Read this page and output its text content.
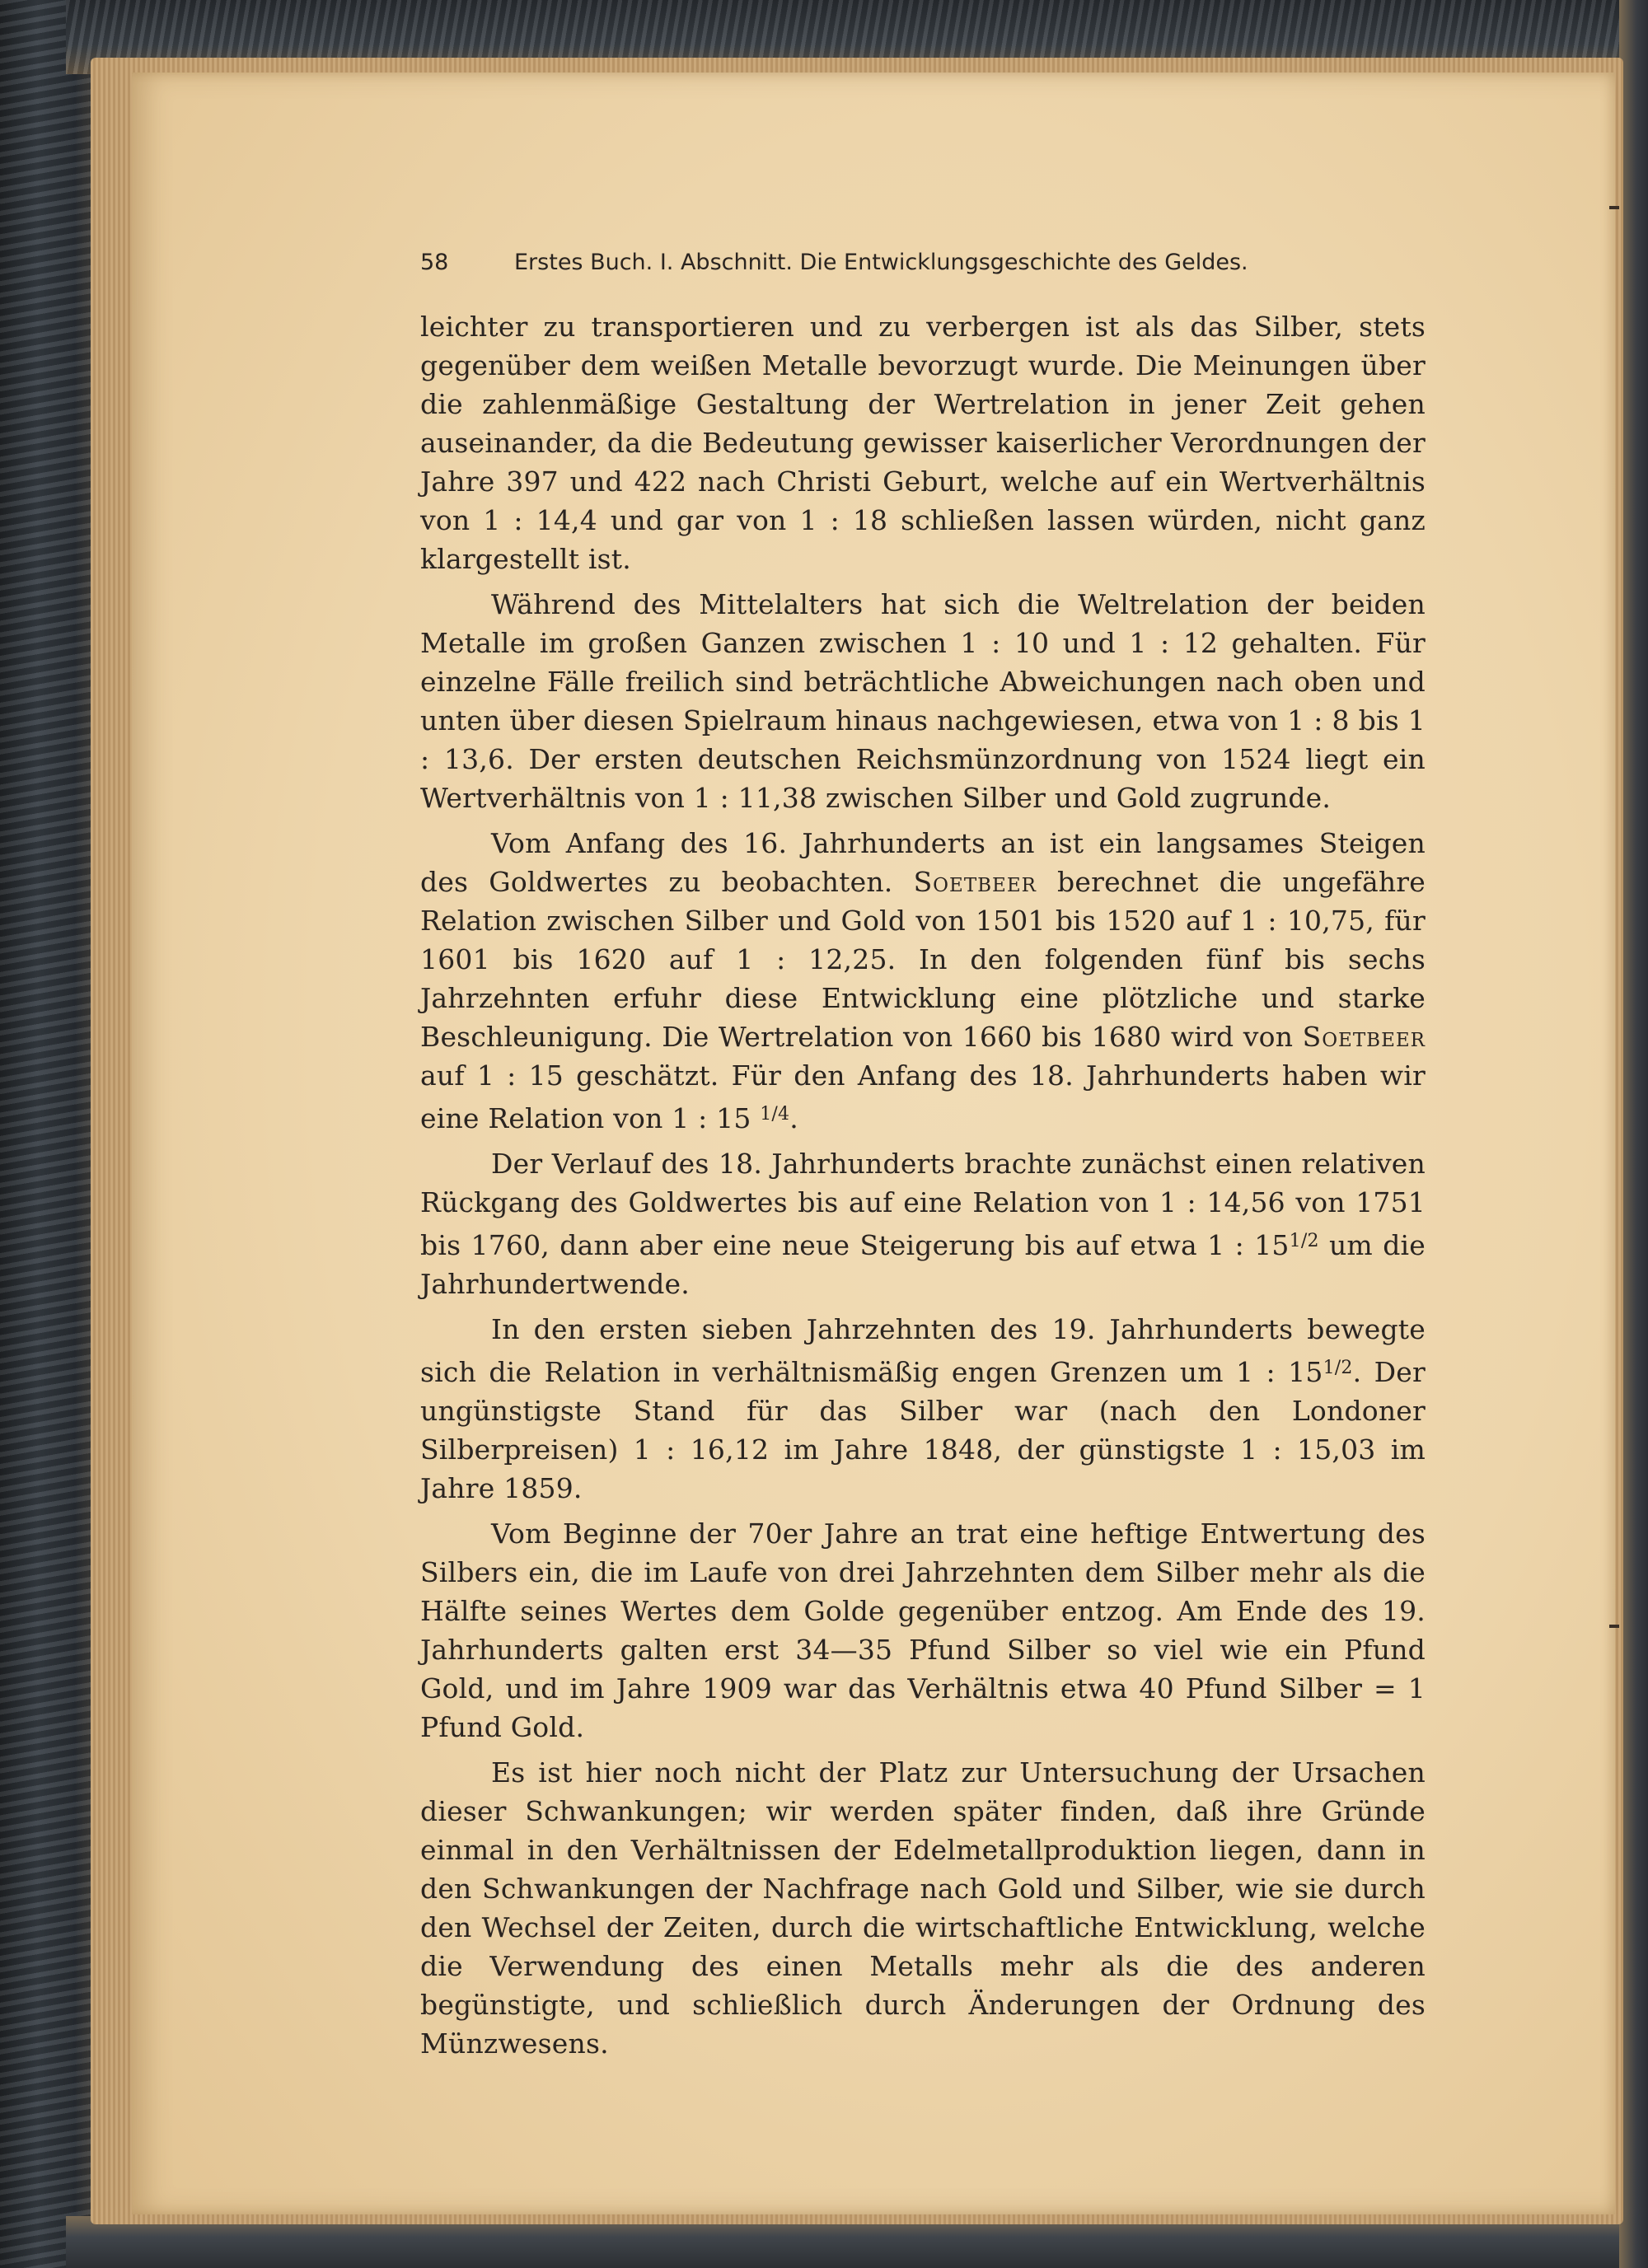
58	Erstes Buch. I. Abschnitt. Die Entwicklungsgeschichte des Geldes.

leichter zu transportieren und zu verbergen ist als das Silber, stets gegenüber dem weißen Metalle bevorzugt wurde. Die Meinungen über die zahlenmäßige Gestaltung der Wertrelation in jener Zeit gehen auseinander, da die Bedeutung gewisser kaiserlicher Verordnungen der Jahre 397 und 422 nach Christi Geburt, welche auf ein Wertverhältnis von 1 : 14,4 und gar von 1 : 18 schließen lassen würden, nicht ganz klargestellt ist.

Während des Mittelalters hat sich die Weltrelation der beiden Metalle im großen Ganzen zwischen 1 : 10 und 1 : 12 gehalten. Für einzelne Fälle freilich sind beträchtliche Abweichungen nach oben und unten über diesen Spielraum hinaus nachgewiesen, etwa von 1 : 8 bis 1 : 13,6. Der ersten deutschen Reichsmünzordnung von 1524 liegt ein Wertverhältnis von 1 : 11,38 zwischen Silber und Gold zugrunde.

Vom Anfang des 16. Jahrhunderts an ist ein langsames Steigen des Goldwertes zu beobachten. Soetbeer berechnet die ungefähre Relation zwischen Silber und Gold von 1501 bis 1520 auf 1 : 10,75, für 1601 bis 1620 auf 1 : 12,25. In den folgenden fünf bis sechs Jahrzehnten erfuhr diese Entwicklung eine plötzliche und starke Beschleunigung. Die Wertrelation von 1660 bis 1680 wird von Soetbeer auf 1 : 15 geschätzt. Für den Anfang des 18. Jahrhunderts haben wir eine Relation von 1 : 15 $^{1/4}$.

Der Verlauf des 18. Jahrhunderts brachte zunächst einen relativen Rückgang des Goldwertes bis auf eine Relation von 1 : 14,56 von 1751 bis 1760, dann aber eine neue Steigerung bis auf etwa 1 : $15^{1/2}$ um die Jahrhundertwende.

In den ersten sieben Jahrzehnten des 19. Jahrhunderts bewegte sich die Relation in verhältnismäßig engen Grenzen um 1 : $15^{1/2}$. Der ungünstigste Stand für das Silber war (nach den Londoner Silberpreisen) 1 : 16,12 im Jahre 1848, der günstigste 1 : 15,03 im Jahre 1859.

Vom Beginne der 70er Jahre an trat eine heftige Entwertung des Silbers ein, die im Laufe von drei Jahrzehnten dem Silber mehr als die Hälfte seines Wertes dem Golde gegenüber entzog. Am Ende des 19. Jahrhunderts galten erst 34—35 Pfund Silber so viel wie ein Pfund Gold, und im Jahre 1909 war das Verhältnis etwa 40 Pfund Silber = 1 Pfund Gold.

Es ist hier noch nicht der Platz zur Untersuchung der Ursachen dieser Schwankungen; wir werden später finden, daß ihre Gründe einmal in den Verhältnissen der Edelmetallproduktion liegen, dann in den Schwankungen der Nachfrage nach Gold und Silber, wie sie durch den Wechsel der Zeiten, durch die wirtschaftliche Entwicklung, welche die Verwendung des einen Metalls mehr als die des anderen begünstigte, und schließlich durch Änderungen der Ordnung des Münzwesens.
